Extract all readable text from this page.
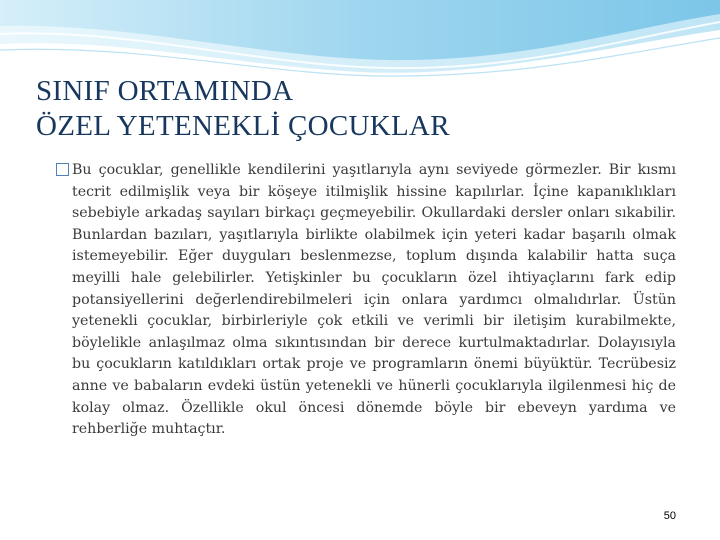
SINIF ORTAMINDA
ÖZEL YETENEKLİ ÇOCUKLAR

Bu çocuklar, genellikle kendilerini yaşıtlarıyla aynı seviyede görmezler. Bir kısmı tecrit edilmişlik veya bir köşeye itilmişlik hissine kapılırlar. İçine kapanıklıkları sebebiyle arkadaş sayıları birkaçı geçmeyebilir. Okullardaki dersler onları sıkabilir. Bunlardan bazıları, yaşıtlarıyla birlikte olabilmek için yeteri kadar başarılı olmak istemeyebilir. Eğer duyguları beslenmezse, toplum dışında kalabilir hatta suça meyilli hale gelebilirler. Yetişkinler bu çocukların özel ihtiyaçlarını fark edip potansiyellerini değerlendirebilmeleri için onlara yardımcı olmalıdırlar. Üstün yetenekli çocuklar, birbirleriyle çok etkili ve verimli bir iletişim kurabilmekte, böylelikle anlaşılmaz olma sıkıntısından bir derece kurtulmaktadırlar. Dolayısıyla bu çocukların katıldıkları ortak proje ve programların önemi büyüktür. Tecrübesiz anne ve babaların evdeki üstün yetenekli ve hünerli çocuklarıyla ilgilenmesi hiç de kolay olmaz. Özellikle okul öncesi dönemde böyle bir ebeveyn yardıma ve rehberliğe muhtaçtır.

50
